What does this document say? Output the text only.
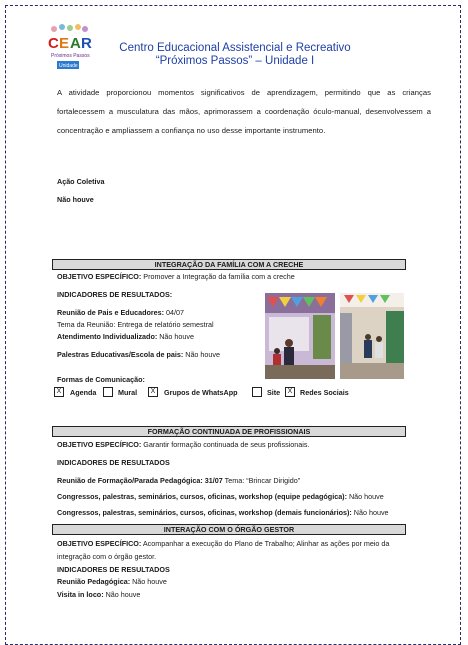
C E A R
Próximos Passos
Unidade I
Centro Educacional Assistencial e Recreativo
“Próximos Passos” – Unidade I
A atividade proporcionou momentos significativos de aprendizagem, permitindo que as crianças fortalecessem a musculatura das mãos, aprimorassem a coordenação óculo-manual, desenvolvessem a concentração e ampliassem a confiança no uso desse importante instrumento.
Ação Coletiva
Não houve
INTEGRAÇÃO DA FAMÍLIA COM A CRECHE
OBJETIVO ESPECÍFICO: Promover a Integração da família com a creche
INDICADORES DE RESULTADOS:
Reunião de Pais e Educadores: 04/07
Tema da Reunião: Entrega de relatório semestral
Atendimento Individualizado: Não houve
Palestras Educativas/Escola de pais: Não houve
Formas de Comunicação:
X	Agenda	Mural	X	Grupos de WhatsApp	Site	X	Redes Sociais
FORMAÇÃO CONTINUADA DE PROFISSIONAIS
OBJETIVO ESPECÍFICO: Garantir formação continuada de seus profissionais.
INDICADORES DE RESULTADOS
Reunião de Formação/Parada Pedagógica: 31/07 Tema: “Brincar Dirigido”
Congressos, palestras, seminários, cursos, oficinas, workshop (equipe pedagógica): Não houve
Congressos, palestras, seminários, cursos, oficinas, workshop (demais funcionários): Não houve
INTERAÇÃO COM O ÓRGÃO GESTOR
OBJETIVO ESPECÍFICO: Acompanhar a execução do Plano de Trabalho; Alinhar as ações por meio da
integração com o órgão gestor.
INDICADORES DE RESULTADOS
Reunião Pedagógica: Não houve
Visita in loco: Não houve
